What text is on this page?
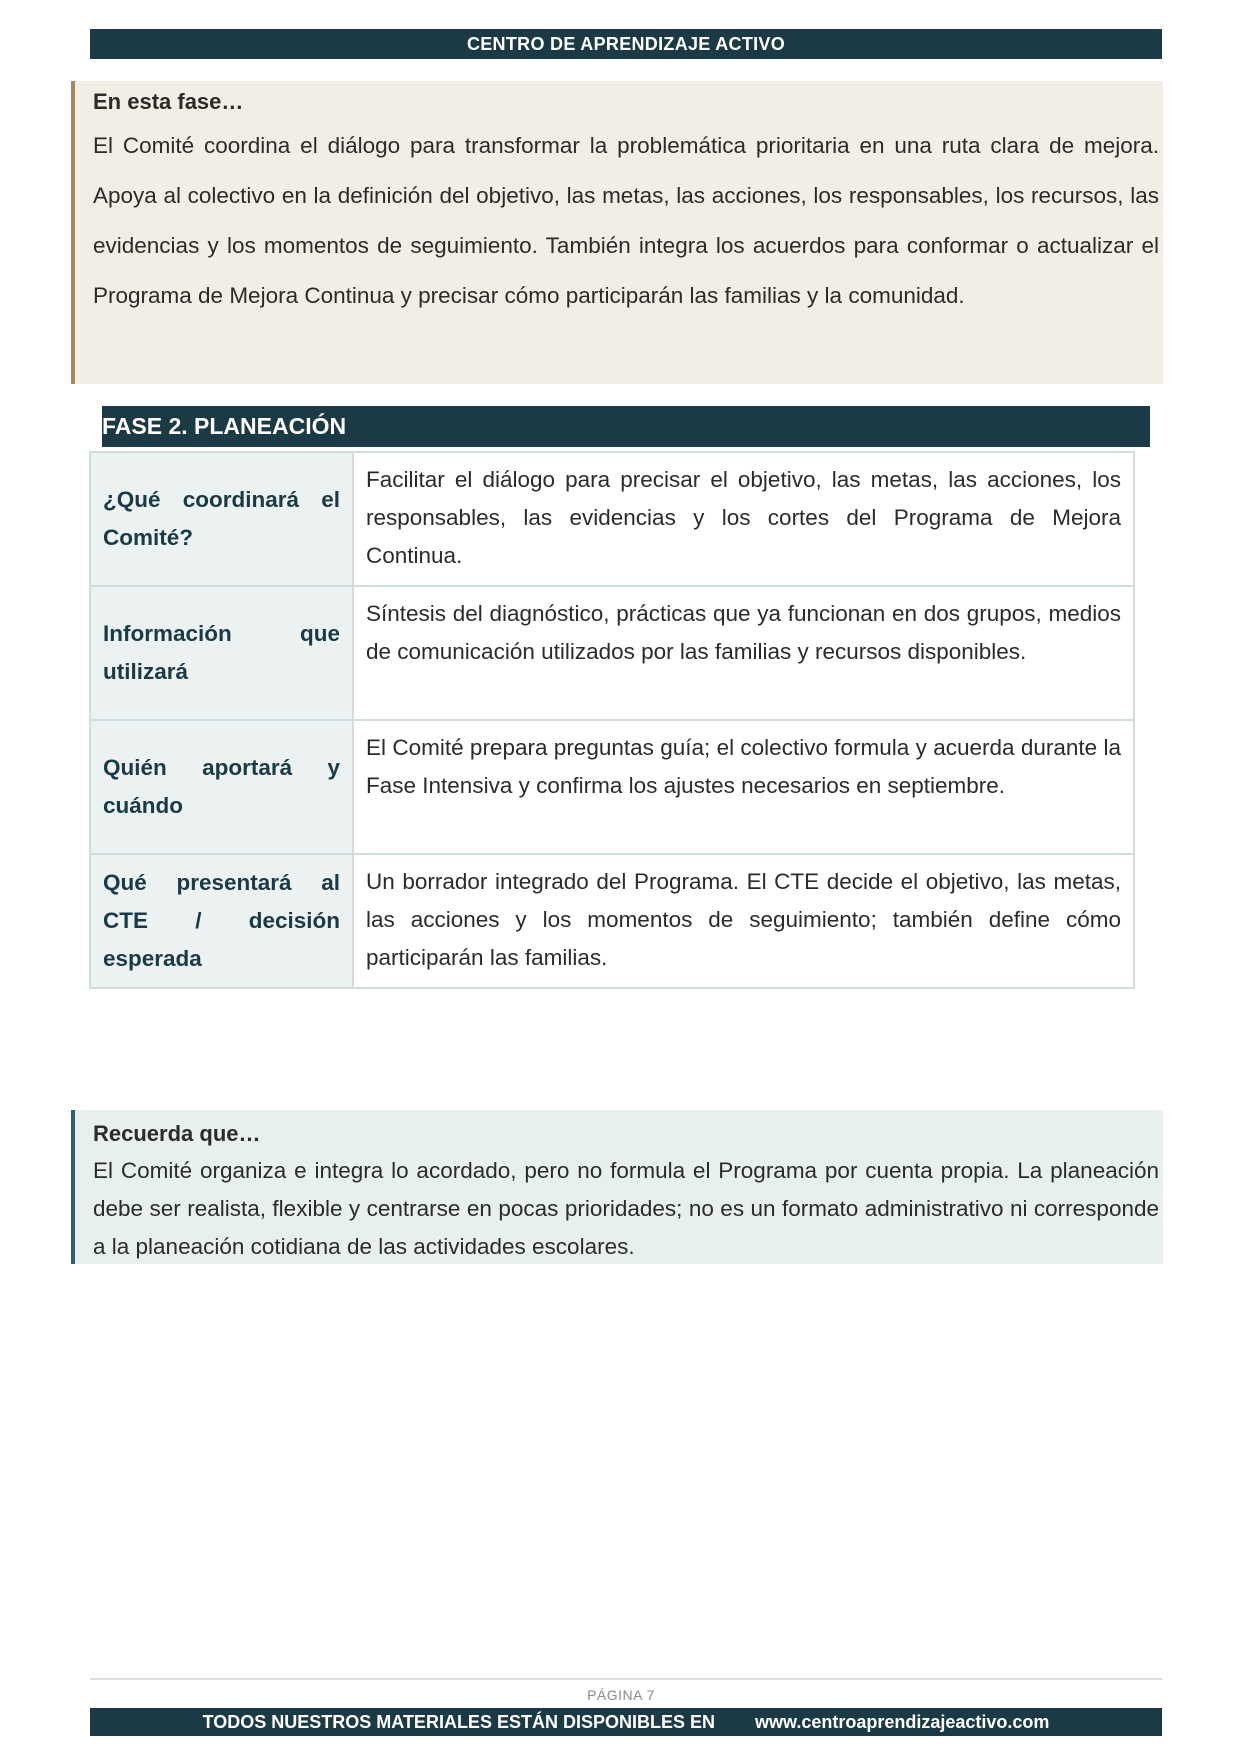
CENTRO DE APRENDIZAJE ACTIVO
En esta fase…
El Comité coordina el diálogo para transformar la problemática prioritaria en una ruta clara de mejora. Apoya al colectivo en la definición del objetivo, las metas, las acciones, los responsables, los recursos, las evidencias y los momentos de seguimiento. También integra los acuerdos para conformar o actualizar el Programa de Mejora Continua y precisar cómo participarán las familias y la comunidad.
FASE 2. PLANEACIÓN
¿Qué coordinará el Comité?	Facilitar el diálogo para precisar el objetivo, las metas, las acciones, los responsables, las evidencias y los cortes del Programa de Mejora Continua.

Información que utilizará	Síntesis del diagnóstico, prácticas que ya funcionan en dos grupos, medios de comunicación utilizados por las familias y recursos disponibles.

Quién aportará y cuándo	El Comité prepara preguntas guía; el colectivo formula y acuerda durante la Fase Intensiva y confirma los ajustes necesarios en septiembre.

Qué presentará al CTE / decisión esperada	Un borrador integrado del Programa. El CTE decide el objetivo, las metas, las acciones y los momentos de seguimiento; también define cómo participarán las familias.
Recuerda que…
El Comité organiza e integra lo acordado, pero no formula el Programa por cuenta propia. La planeación debe ser realista, flexible y centrarse en pocas prioridades; no es un formato administrativo ni corresponde a la planeación cotidiana de las actividades escolares.
PÁGINA 7
TODOS NUESTROS MATERIALES ESTÁN DISPONIBLES EN www.centroaprendizajeactivo.com
